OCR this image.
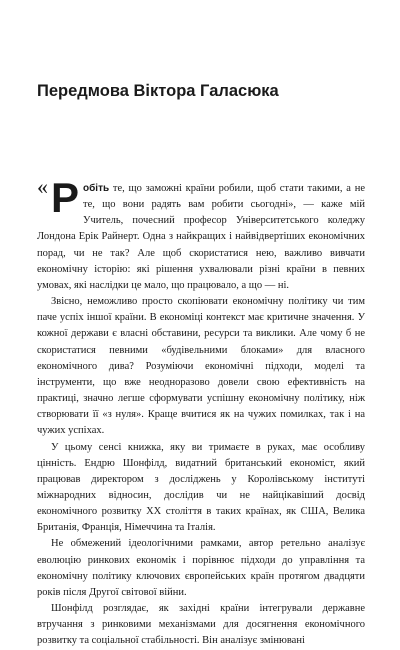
Передмова Віктора Галасюка
« Робіть те, що заможні країни робили, щоб стати такими, а не те, що вони радять вам робити сьогодні», — каже мій Учитель, почесний професор Університетського коледжу Лондона Ерік Райнерт. Одна з найкращих і найвідвертіших економічних порад, чи не так? Але щоб скористатися нею, важливо вивчати економічну історію: які рішення ухвалювали різні країни в певних умовах, які наслідки це мало, що працювало, а що — ні.

Звісно, неможливо просто скопіювати економічну політику чи тим паче успіх іншої країни. В економіці контекст має критичне значення. У кожної держави є власні обставини, ресурси та виклики. Але чому б не скористатися певними «будівельними блоками» для власного економічного дива? Розуміючи економічні підходи, моделі та інструменти, що вже неодноразово довели свою ефективність на практиці, значно легше сформувати успішну економічну політику, ніж створювати її «з нуля». Краще вчитися як на чужих помилках, так і на чужих успіхах.

У цьому сенсі книжка, яку ви тримаєте в руках, має особливу цінність. Ендрю Шонфілд, видатний британський економіст, який працював директором з досліджень у Королівському інституті міжнародних відносин, дослідив чи не найцікавіший досвід економічного розвитку XX століття в таких країнах, як США, Велика Британія, Франція, Німеччина та Італія.

Не обмежений ідеологічними рамками, автор ретельно аналізує еволюцію ринкових економік і порівнює підходи до управління та економічну політику ключових європейських країн протягом двадцяти років після Другої світової війни.

Шонфілд розглядає, як західні країни інтегрували державне втручання з ринковими механізмами для досягнення економічного розвитку та соціальної стабільності. Він аналізує змінювані
